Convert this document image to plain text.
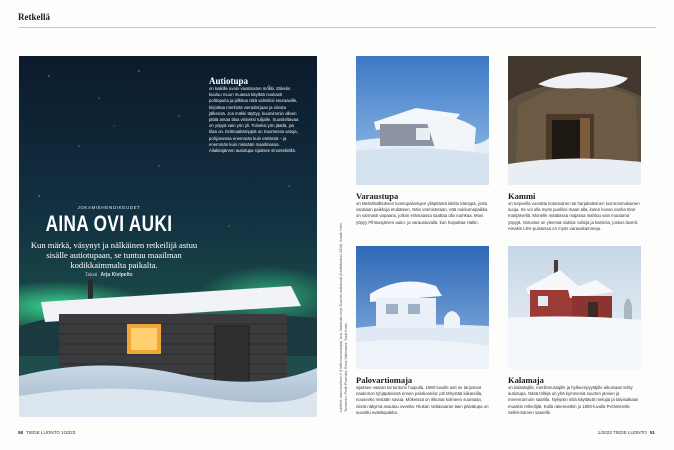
Retkellä
Autiotupa
on kaikille avoin vaatimaton mökki. Etiketin kuuluu muun muassa käyttää nuukasti polttopuita ja pilkkoa niitä valmiiksi seuraaville, kirjoittaa merkintä vieraskirjaan ja siivota jälkensä. Jos mökki täyttyy, kuumimmin olleen pitää antaa tilaa viimeksi tulijalle. Suositeltavaa on yöpyä vain yön yli. Toiseksi yön jäädä, jos tilaa on. Erämaakämppiä on Suomessa satoja, pohjoisessa enemmän kuin etelässä – ja enemmän kuin missään maailmassa. Ailakkajärven autiotupa sijaitsee Enontekiöllä.
JOKAMIEHENOIKEUDET
AINA OVI AUKI
Kun märkä, väsynyt ja nälkäinen retkeilijä astuu sisälle autiotupaan, se tuntuu maailman kodikkaimmalta paikalta.
Teksti Arja Kivipelto
Varaustupa
on Metsähallituksen luontopalvelujen ylläpitämä lukittu kämppä, josta varataan paikkoja etukäteen. Näin varmistetaan, että nukkumapaikka on varmasti vapaana, jolloin erämaassa saattaa olla ruuhkaa. Moni yöpyy Pihtsusjärven autio- ja varaustuvalla, kun huiputtaa Haltin.
Kammi
on turpeella vuorattu kotamainen tai harjakattoinen luonnonmukainen suoja. Se voi olla myös puoliksi maan alla, kuten kuvan vanha tönö Inarijärvellä. Monelle matalassa majassa mahtuu vain muutama yöpyjä. Varustus on yleensä niukka: tulisija ja kaminia, joskus laverit. Ainakin LKK-puistossa on myös varauskammeja.
Palovartiomaja
sijaitsee vaaran tai tunturin huipulla. 1980-luvulle asti ne tarjosivat nautinnon tyhjäpäivissä ennen palokoneita: piti tähystää kiikareilla, nousevko mistään savua. Mökeissä on ikkunat kolmeen suuntaan, niistä näkymä avautuu oveelta. Riukan Valtavaaran laen päivätupa on suosittu eväsleipakka.
Kalamaja
on kalastajille, merilinnustajille ja hylkeenpyytäjille aikoinaan tehty autiotupa. Näitä töllejä on yhä kymmeniä suurten järvien ja merenrannoin saarilla. Nykyisin niitä käyttävät melojat ja talvisaikaan muutkin retkeilijät. Kalla rakennettiin jo 1800-luvulla Perämerelle Selkä-Sarven saarelle.
Lähteet: www.luontoon.fi (Haltin lounaistupa), Anu Jaakkolan kirja Suomen autiotuvat (Karttakeskus 2018). Kuvat: Harri Tarvainen, Pertti Puumala, Eeva Valtovaara, Sauli Koski.
58 TIEDE LUONTO 1/2023	1/2023 TIEDE LUONTO 51
